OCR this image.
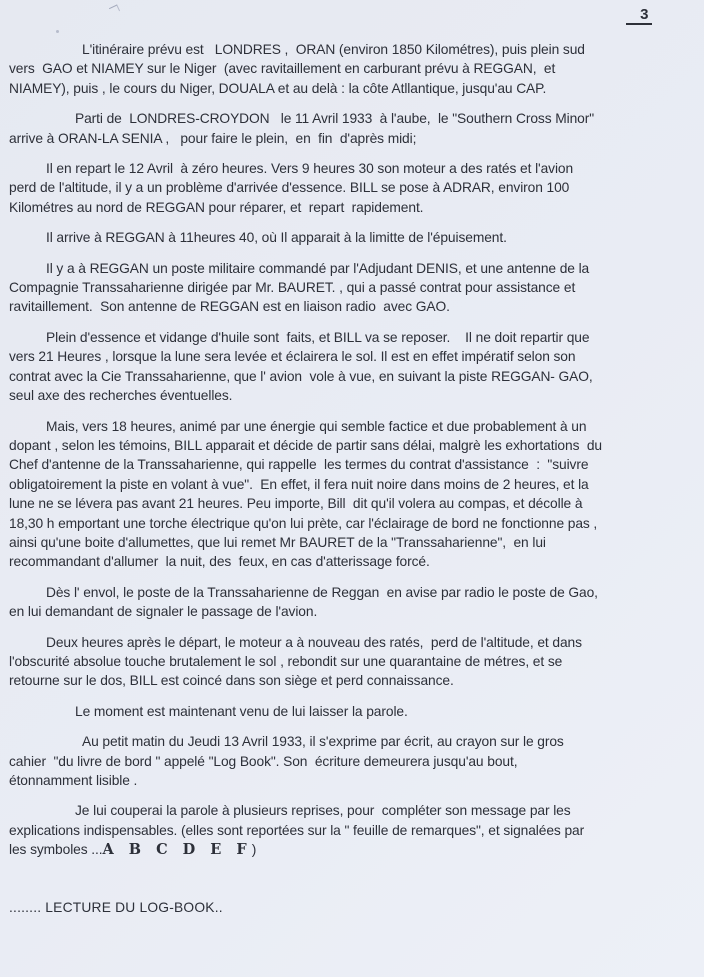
3

L'itinéraire prévu est   LONDRES ,  ORAN (environ 1850 Kilométres), puis plein sud
vers  GAO et NIAMEY sur le Niger  (avec ravitaillement en carburant prévu à REGGAN,  et
NIAMEY), puis , le cours du Niger, DOUALA et au delà : la côte Atllantique, jusqu'au CAP.

Parti de  LONDRES-CROYDON   le 11 Avril 1933  à l'aube,  le "Southern Cross Minor"
arrive à ORAN-LA SENIA ,   pour faire le plein,  en  fin  d'après midi;

Il en repart le 12 Avril  à zéro heures. Vers 9 heures 30 son moteur a des ratés et l'avion
perd de l'altitude, il y a un problème d'arrivée d'essence. BILL se pose à ADRAR, environ 100
Kilométres au nord de REGGAN pour réparer, et  repart  rapidement.

Il arrive à REGGAN à 11heures 40, où Il apparait à la limitte de l'épuisement.

Il y a à REGGAN un poste militaire commandé par l'Adjudant DENIS, et une antenne de la
Compagnie Transsaharienne dirigée par Mr. BAURET. , qui a passé contrat pour assistance et
ravitaillement.  Son antenne de REGGAN est en liaison radio  avec GAO.

Plein d'essence et vidange d'huile sont  faits, et BILL va se reposer.    Il ne doit repartir que
vers 21 Heures , lorsque la lune sera levée et éclairera le sol. Il est en effet impératif selon son
contrat avec la Cie Transsaharienne, que l' avion  vole à vue, en suivant la piste REGGAN- GAO,
seul axe des recherches éventuelles.

Mais, vers 18 heures, animé par une énergie qui semble factice et due probablement à un
dopant , selon les témoins, BILL apparait et décide de partir sans délai, malgrè les exhortations  du
Chef d'antenne de la Transsaharienne, qui rappelle  les termes du contrat d'assistance  :  "suivre
obligatoirement la piste en volant à vue".  En effet, il fera nuit noire dans moins de 2 heures, et la
lune ne se lévera pas avant 21 heures. Peu importe, Bill  dit qu'il volera au compas, et décolle à
18,30 h emportant une torche électrique qu'on lui prète, car l'éclairage de bord ne fonctionne pas ,
ainsi qu'une boite d'allumettes, que lui remet Mr BAURET de la "Transsaharienne",  en lui
recommandant d'allumer  la nuit, des  feux, en cas d'atterissage forcé.

Dès l' envol, le poste de la Transsaharienne de Reggan  en avise par radio le poste de Gao,
en lui demandant de signaler le passage de l'avion.

Deux heures après le départ, le moteur a à nouveau des ratés,  perd de l'altitude, et dans
l'obscurité absolue touche brutalement le sol , rebondit sur une quarantaine de métres, et se
retourne sur le dos, BILL est coincé dans son siège et perd connaissance.

Le moment est maintenant venu de lui laisser la parole.

Au petit matin du Jeudi 13 Avril 1933, il s'exprime par écrit, au crayon sur le gros
cahier  "du livre de bord " appelé "Log Book". Son  écriture demeurera jusqu'au bout,
étonnamment lisible .

Je lui couperai la parole à plusieurs reprises, pour  compléter son message par les
explications indispensables. (elles sont reportées sur la " feuille de remarques", et signalées par
les symboles ...A B C D E F)

........ LECTURE DU LOG-BOOK..
